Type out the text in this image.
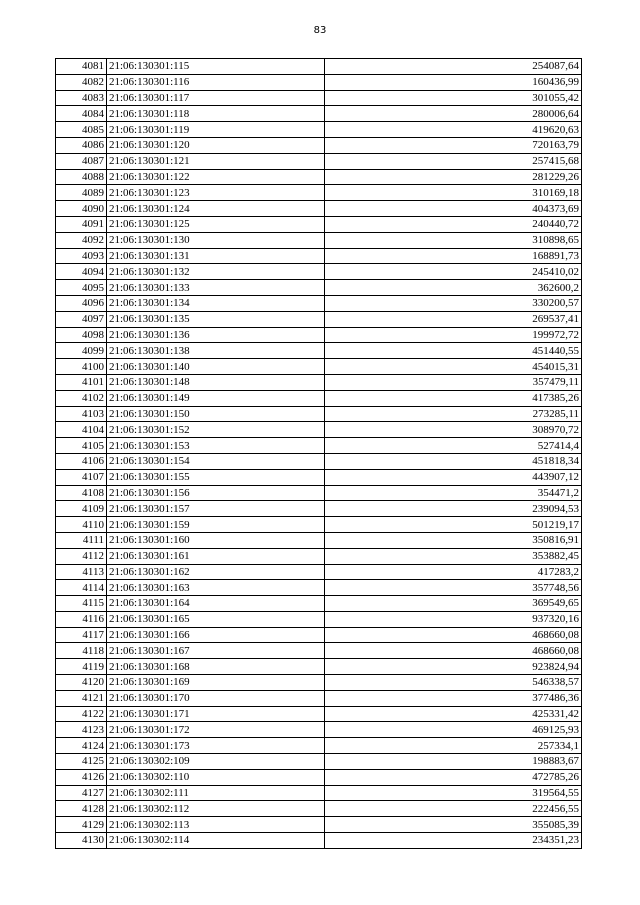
83
4081	21:06:130301:115	254087,64
4082	21:06:130301:116	160436,99
4083	21:06:130301:117	301055,42
4084	21:06:130301:118	280006,64
4085	21:06:130301:119	419620,63
4086	21:06:130301:120	720163,79
4087	21:06:130301:121	257415,68
4088	21:06:130301:122	281229,26
4089	21:06:130301:123	310169,18
4090	21:06:130301:124	404373,69
4091	21:06:130301:125	240440,72
4092	21:06:130301:130	310898,65
4093	21:06:130301:131	168891,73
4094	21:06:130301:132	245410,02
4095	21:06:130301:133	362600,2
4096	21:06:130301:134	330200,57
4097	21:06:130301:135	269537,41
4098	21:06:130301:136	199972,72
4099	21:06:130301:138	451440,55
4100	21:06:130301:140	454015,31
4101	21:06:130301:148	357479,11
4102	21:06:130301:149	417385,26
4103	21:06:130301:150	273285,11
4104	21:06:130301:152	308970,72
4105	21:06:130301:153	527414,4
4106	21:06:130301:154	451818,34
4107	21:06:130301:155	443907,12
4108	21:06:130301:156	354471,2
4109	21:06:130301:157	239094,53
4110	21:06:130301:159	501219,17
4111	21:06:130301:160	350816,91
4112	21:06:130301:161	353882,45
4113	21:06:130301:162	417283,2
4114	21:06:130301:163	357748,56
4115	21:06:130301:164	369549,65
4116	21:06:130301:165	937320,16
4117	21:06:130301:166	468660,08
4118	21:06:130301:167	468660,08
4119	21:06:130301:168	923824,94
4120	21:06:130301:169	546338,57
4121	21:06:130301:170	377486,36
4122	21:06:130301:171	425331,42
4123	21:06:130301:172	469125,93
4124	21:06:130301:173	257334,1
4125	21:06:130302:109	198883,67
4126	21:06:130302:110	472785,26
4127	21:06:130302:111	319564,55
4128	21:06:130302:112	222456,55
4129	21:06:130302:113	355085,39
4130	21:06:130302:114	234351,23
